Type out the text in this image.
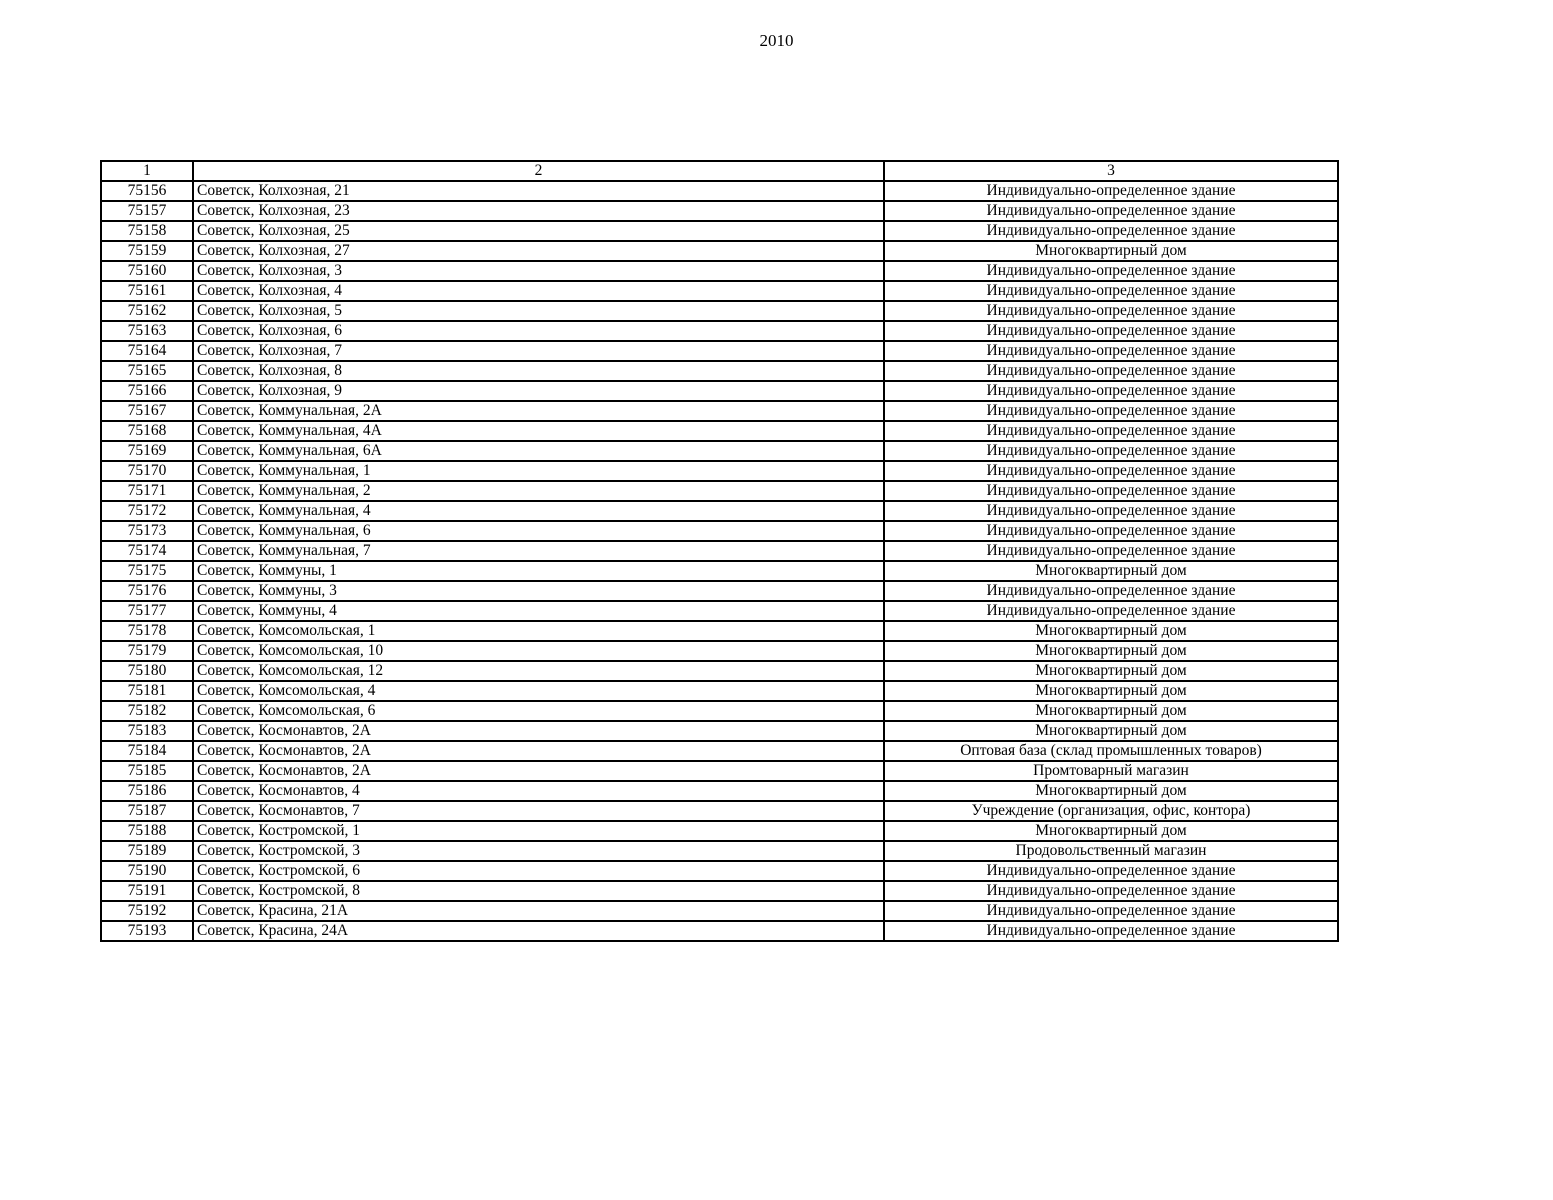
2010
1	2	3
75156	Советск, Колхозная, 21	Индивидуально-определенное здание
75157	Советск, Колхозная, 23	Индивидуально-определенное здание
75158	Советск, Колхозная, 25	Индивидуально-определенное здание
75159	Советск, Колхозная, 27	Многоквартирный дом
75160	Советск, Колхозная, 3	Индивидуально-определенное здание
75161	Советск, Колхозная, 4	Индивидуально-определенное здание
75162	Советск, Колхозная, 5	Индивидуально-определенное здание
75163	Советск, Колхозная, 6	Индивидуально-определенное здание
75164	Советск, Колхозная, 7	Индивидуально-определенное здание
75165	Советск, Колхозная, 8	Индивидуально-определенное здание
75166	Советск, Колхозная, 9	Индивидуально-определенное здание
75167	Советск, Коммунальная, 2А	Индивидуально-определенное здание
75168	Советск, Коммунальная, 4А	Индивидуально-определенное здание
75169	Советск, Коммунальная, 6А	Индивидуально-определенное здание
75170	Советск, Коммунальная, 1	Индивидуально-определенное здание
75171	Советск, Коммунальная, 2	Индивидуально-определенное здание
75172	Советск, Коммунальная, 4	Индивидуально-определенное здание
75173	Советск, Коммунальная, 6	Индивидуально-определенное здание
75174	Советск, Коммунальная, 7	Индивидуально-определенное здание
75175	Советск, Коммуны, 1	Многоквартирный дом
75176	Советск, Коммуны, 3	Индивидуально-определенное здание
75177	Советск, Коммуны, 4	Индивидуально-определенное здание
75178	Советск, Комсомольская, 1	Многоквартирный дом
75179	Советск, Комсомольская, 10	Многоквартирный дом
75180	Советск, Комсомольская, 12	Многоквартирный дом
75181	Советск, Комсомольская, 4	Многоквартирный дом
75182	Советск, Комсомольская, 6	Многоквартирный дом
75183	Советск, Космонавтов, 2А	Многоквартирный дом
75184	Советск, Космонавтов, 2А	Оптовая база (склад промышленных товаров)
75185	Советск, Космонавтов, 2А	Промтоварный магазин
75186	Советск, Космонавтов, 4	Многоквартирный дом
75187	Советск, Космонавтов, 7	Учреждение (организация, офис, контора)
75188	Советск, Костромской, 1	Многоквартирный дом
75189	Советск, Костромской, 3	Продовольственный магазин
75190	Советск, Костромской, 6	Индивидуально-определенное здание
75191	Советск, Костромской, 8	Индивидуально-определенное здание
75192	Советск, Красина, 21А	Индивидуально-определенное здание
75193	Советск, Красина, 24А	Индивидуально-определенное здание
